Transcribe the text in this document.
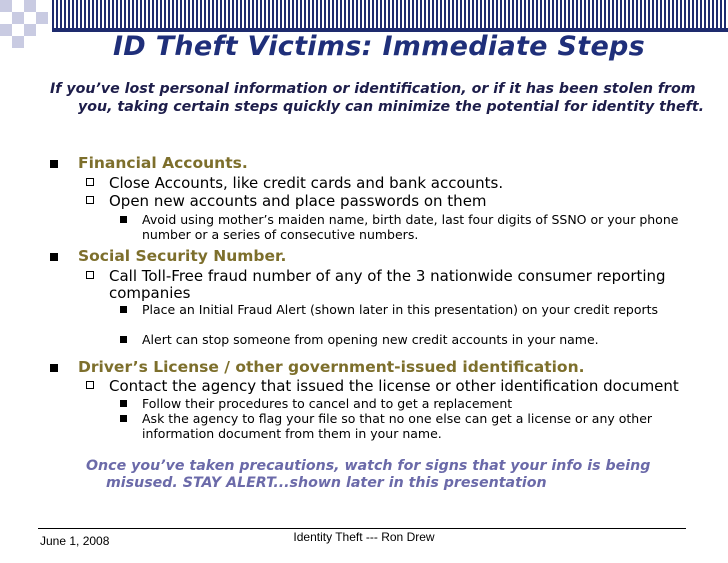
ID Theft Victims: Immediate Steps
If you’ve lost personal information or identification, or if it has been stolen from you, taking certain steps quickly can minimize the potential for identity theft.
Financial Accounts.
Close Accounts, like credit cards and bank accounts.
Open new accounts and place passwords on them
Avoid using mother’s maiden name, birth date, last four digits of SSNO or your phone number or a series of consecutive numbers.
Social Security Number.
Call Toll-Free fraud number of any of the 3 nationwide consumer reporting companies
Place an Initial Fraud Alert (shown later in this presentation) on your credit reports
Alert can stop someone from opening new credit accounts in your name.
Driver’s License / other government-issued identification.
Contact the agency that issued the license or other identification document
Follow their procedures to cancel and to get a replacement
Ask the agency to flag your file so that no one else can get a license or any other information document from them in your name.
Once you’ve taken precautions, watch for signs that your info is being misused. STAY ALERT...shown later in this presentation
June 1, 2008	Identity Theft --- Ron Drew
